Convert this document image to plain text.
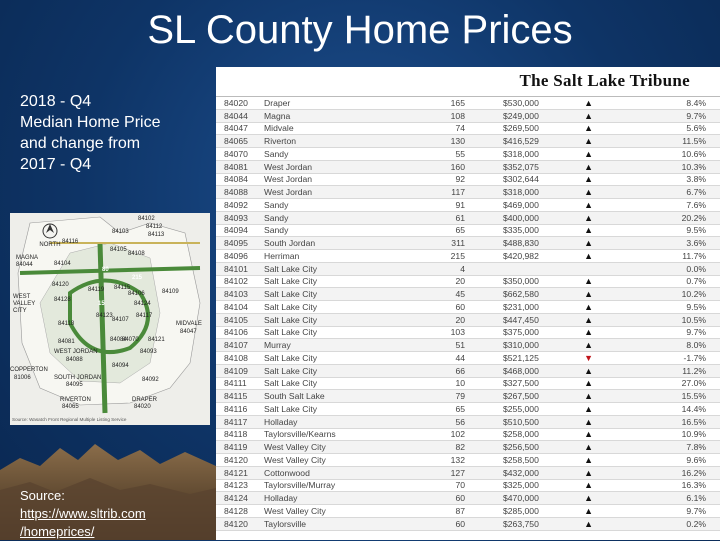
SL County Home Prices
2018 - Q4
Median Home Price
and change from
2017 - Q4
NORTH 84116
84102
84112
84113
84103
MAGNA
84044	84104
84105
84108
84120
84119 84115
84106	84109
WEST
VALLEY
CITY
84128
84124
84118
84123
84107
84117
MIDVALE
84047
84121
84081
WEST JORDAN
84088
84084
84070
84093
COPPERTON
81006	SOUTH JORDAN
84095
84094
84092
RIVERTON
84065
DRAPER
84020
Source: Wasatch Front Regional Multiple Listing Service
80
215
15
Source:
https://www.sltrib.com
/homeprices/
The Salt Lake Tribune
84020	Draper	165	$530,000	▲	8.4%
84044	Magna	108	$249,000	▲	9.7%
84047	Midvale	74	$269,500	▲	5.6%
84065	Riverton	130	$416,529	▲	11.5%
84070	Sandy	55	$318,000	▲	10.6%
84081	West Jordan	160	$352,075	▲	10.3%
84084	West Jordan	92	$302,644	▲	3.8%
84088	West Jordan	117	$318,000	▲	6.7%
84092	Sandy	91	$469,000	▲	7.6%
84093	Sandy	61	$400,000	▲	20.2%
84094	Sandy	65	$335,000	▲	9.5%
84095	South Jordan	311	$488,830	▲	3.6%
84096	Herriman	215	$420,982	▲	11.7%
84101	Salt Lake City	4			0.0%
84102	Salt Lake City	20	$350,000	▲	0.7%
84103	Salt Lake City	45	$662,580	▲	10.2%
84104	Salt Lake City	60	$231,000	▲	9.5%
84105	Salt Lake City	20	$447,450	▲	10.5%
84106	Salt Lake City	103	$375,000	▲	9.7%
84107	Murray	51	$310,000	▲	8.0%
84108	Salt Lake City	44	$521,125	▼	-1.7%
84109	Salt Lake City	66	$468,000	▲	11.2%
84111	Salt Lake City	10	$327,500	▲	27.0%
84115	South Salt Lake	79	$267,500	▲	15.5%
84116	Salt Lake City	65	$255,000	▲	14.4%
84117	Holladay	56	$510,500	▲	16.5%
84118	Taylorsville/Kearns	102	$258,000	▲	10.9%
84119	West Valley City	82	$256,500	▲	7.8%
84120	West Valley City	132	$258,500	▲	9.6%
84121	Cottonwood	127	$432,000	▲	16.2%
84123	Taylorsville/Murray	70	$325,000	▲	16.3%
84124	Holladay	60	$470,000	▲	6.1%
84128	West Valley City	87	$285,000	▲	9.7%
84120	Taylorsville	60	$263,750	▲	0.2%
